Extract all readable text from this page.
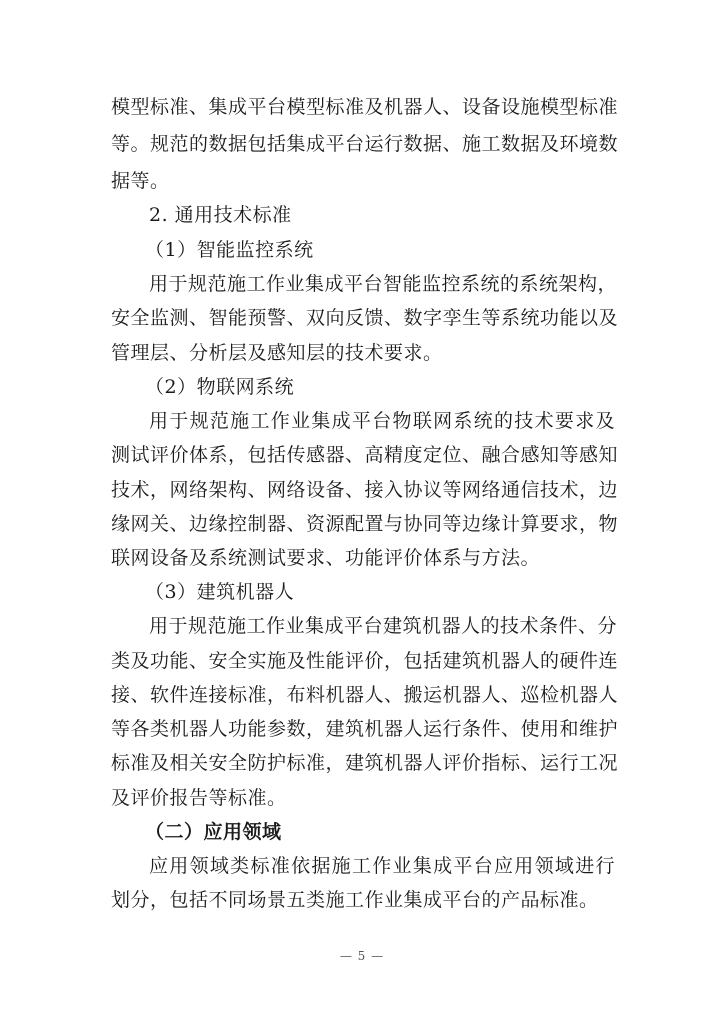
模型标准、集成平台模型标准及机器人、设备设施模型标准
等。规范的数据包括集成平台运行数据、施工数据及环境数
据等。
2. 通用技术标准
（1）智能监控系统
用于规范施工作业集成平台智能监控系统的系统架构，
安全监测、智能预警、双向反馈、数字孪生等系统功能以及
管理层、分析层及感知层的技术要求。
（2）物联网系统
用于规范施工作业集成平台物联网系统的技术要求及
测试评价体系，包括传感器、高精度定位、融合感知等感知
技术，网络架构、网络设备、接入协议等网络通信技术，边
缘网关、边缘控制器、资源配置与协同等边缘计算要求，物
联网设备及系统测试要求、功能评价体系与方法。
（3）建筑机器人
用于规范施工作业集成平台建筑机器人的技术条件、分
类及功能、安全实施及性能评价，包括建筑机器人的硬件连
接、软件连接标准，布料机器人、搬运机器人、巡检机器人
等各类机器人功能参数，建筑机器人运行条件、使用和维护
标准及相关安全防护标准，建筑机器人评价指标、运行工况
及评价报告等标准。
（二）应用领域
应用领域类标准依据施工作业集成平台应用领域进行
划分，包括不同场景五类施工作业集成平台的产品标准。
— 5 —
